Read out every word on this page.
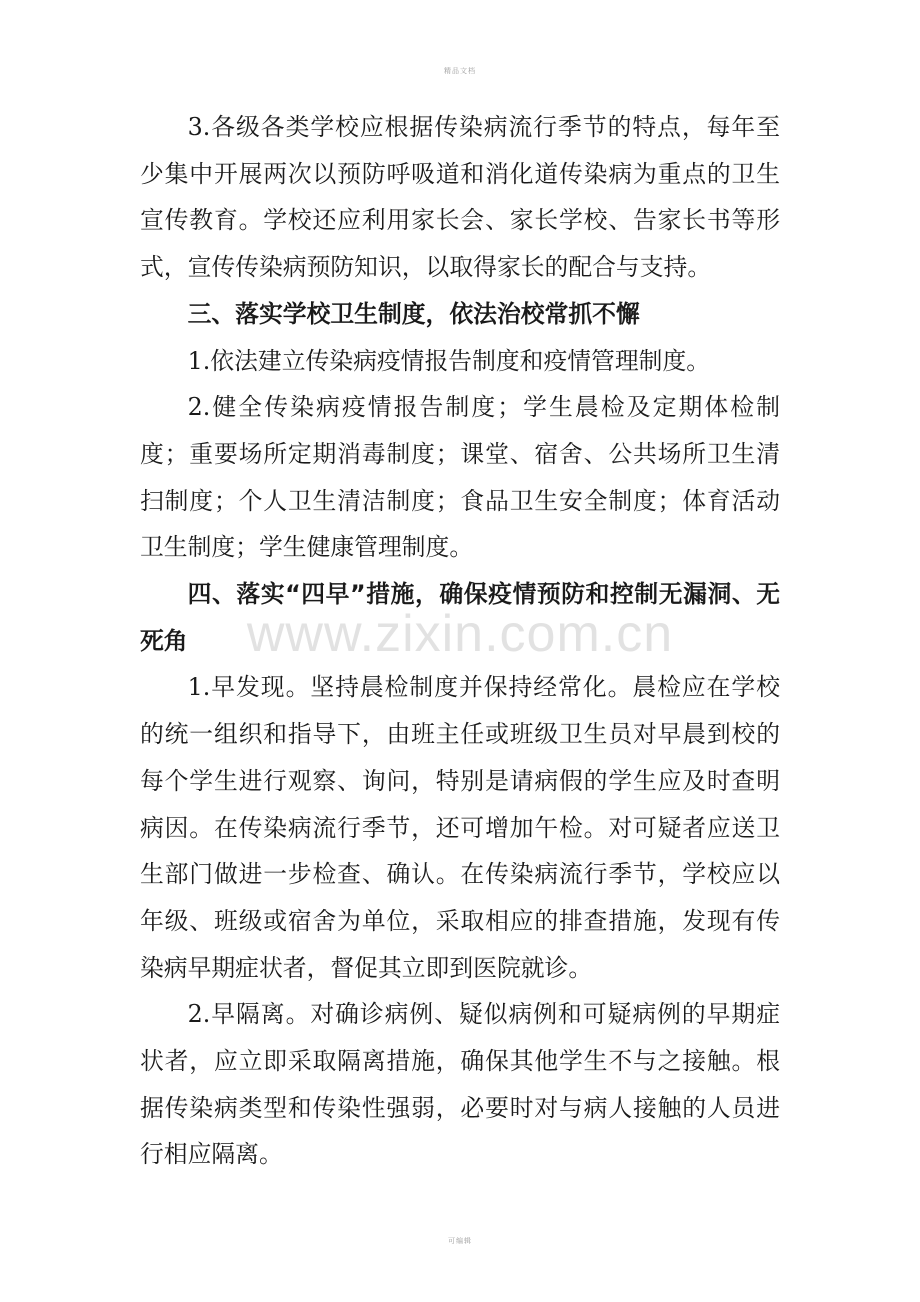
精品文档

3.各级各类学校应根据传染病流行季节的特点，每年至少集中开展两次以预防呼吸道和消化道传染病为重点的卫生宣传教育。学校还应利用家长会、家长学校、告家长书等形式，宣传传染病预防知识，以取得家长的配合与支持。

三、落实学校卫生制度，依法治校常抓不懈

1.依法建立传染病疫情报告制度和疫情管理制度。

2.健全传染病疫情报告制度；学生晨检及定期体检制度；重要场所定期消毒制度；课堂、宿舍、公共场所卫生清扫制度；个人卫生清洁制度；食品卫生安全制度；体育活动卫生制度；学生健康管理制度。

四、落实“四早”措施，确保疫情预防和控制无漏洞、无死角

1.早发现。坚持晨检制度并保持经常化。晨检应在学校的统一组织和指导下，由班主任或班级卫生员对早晨到校的每个学生进行观察、询问，特别是请病假的学生应及时查明病因。在传染病流行季节，还可增加午检。对可疑者应送卫生部门做进一步检查、确认。在传染病流行季节，学校应以年级、班级或宿舍为单位，采取相应的排查措施，发现有传染病早期症状者，督促其立即到医院就诊。

2.早隔离。对确诊病例、疑似病例和可疑病例的早期症状者，应立即采取隔离措施，确保其他学生不与之接触。根据传染病类型和传染性强弱，必要时对与病人接触的人员进行相应隔离。

www.zixin.com.cn
可编辑
